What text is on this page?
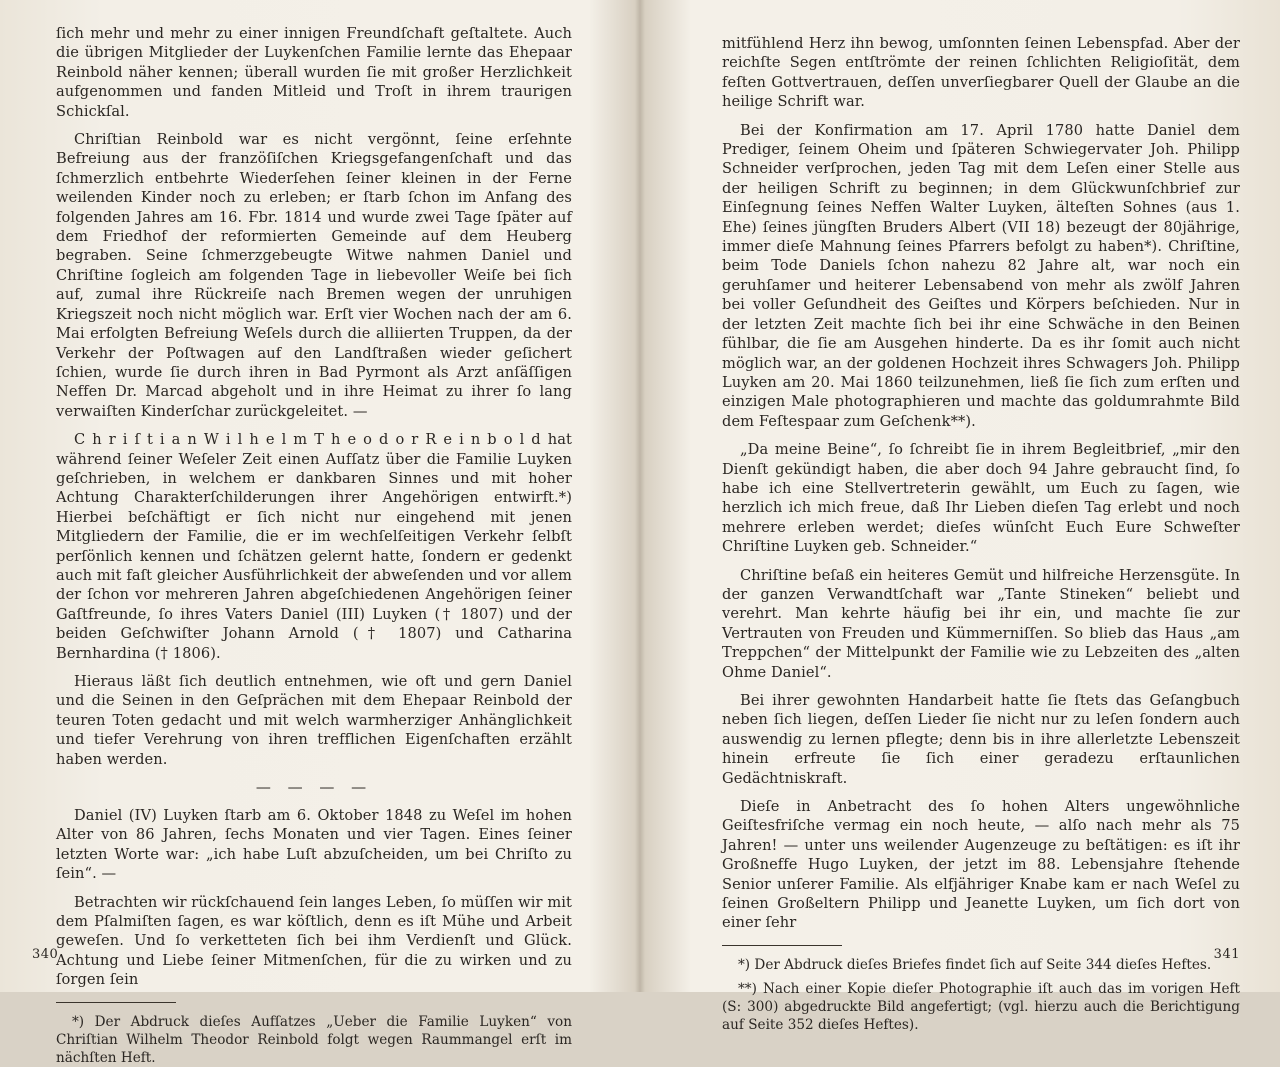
ſich mehr und mehr zu einer innigen Freundſchaft geſtaltete. Auch die übrigen Mitglieder der Luykenſchen Familie lernte das Ehepaar Reinbold näher kennen; überall wurden ſie mit großer Herzlichkeit aufgenommen und fanden Mitleid und Troſt in ihrem traurigen Schickſal.

Chriſtian Reinbold war es nicht vergönnt, ſeine erſehnte Befreiung aus der franzöſiſchen Kriegsgefangenſchaft und das ſchmerzlich entbehrte Wiederſehen ſeiner kleinen in der Ferne weilenden Kinder noch zu erleben; er ſtarb ſchon im Anfang des folgenden Jahres am 16. Fbr. 1814 und wurde zwei Tage ſpäter auf dem Friedhof der reformierten Gemeinde auf dem Heuberg begraben. Seine ſchmerzgebeugte Witwe nahmen Daniel und Chriſtine ſogleich am folgenden Tage in liebevoller Weiſe bei ſich auf, zumal ihre Rückreiſe nach Bremen wegen der unruhigen Kriegszeit noch nicht möglich war. Erſt vier Wochen nach der am 6. Mai erfolgten Befreiung Weſels durch die alliierten Truppen, da der Verkehr der Poſtwagen auf den Landſtraßen wieder geſichert ſchien, wurde ſie durch ihren in Bad Pyrmont als Arzt anſäſſigen Neffen Dr. Marcad abgeholt und in ihre Heimat zu ihrer ſo lang verwaiſten Kinderſchar zurückgeleitet. —

C h r i ſ t i a n W i l h e l m T h e o d o r R e i n b o l d hat während ſeiner Weſeler Zeit einen Aufſatz über die Familie Luyken geſchrieben, in welchem er dankbaren Sinnes und mit hoher Achtung Charakterſchilderungen ihrer Angehörigen entwirft.*) Hierbei beſchäftigt er ſich nicht nur eingehend mit jenen Mitgliedern der Familie, die er im wechſelſeitigen Verkehr ſelbſt perſönlich kennen und ſchätzen gelernt hatte, ſondern er gedenkt auch mit faſt gleicher Ausführlichkeit der abweſenden und vor allem der ſchon vor mehreren Jahren abgeſchiedenen Angehörigen ſeiner Gaſtfreunde, ſo ihres Vaters Daniel (III) Luyken († 1807) und der beiden Geſchwiſter Johann Arnold († 1807) und Catharina Bernhardina († 1806).

Hieraus läßt ſich deutlich entnehmen, wie oft und gern Daniel und die Seinen in den Geſprächen mit dem Ehepaar Reinbold der teuren Toten gedacht und mit welch warmherziger Anhänglichkeit und tiefer Verehrung von ihren trefflichen Eigenſchaften erzählt haben werden.

— — — —

Daniel (IV) Luyken ſtarb am 6. Oktober 1848 zu Weſel im hohen Alter von 86 Jahren, ſechs Monaten und vier Tagen. Eines ſeiner letzten Worte war: „ich habe Luſt abzuſcheiden, um bei Chriſto zu ſein“. —

Betrachten wir rückſchauend ſein langes Leben, ſo müſſen wir mit dem Pſalmiſten ſagen, es war köſtlich, denn es iſt Mühe und Arbeit geweſen. Und ſo verketteten ſich bei ihm Verdienſt und Glück. Achtung und Liebe ſeiner Mitmenſchen, für die zu wirken und zu ſorgen ſein

*) Der Abdruck dieſes Aufſatzes „Ueber die Familie Luyken“ von Chriſtian Wilhelm Theodor Reinbold folgt wegen Raummangel erſt im nächſten Heft.

340

mitfühlend Herz ihn bewog, umſonnten ſeinen Lebenspfad. Aber der reichſte Segen entſtrömte der reinen ſchlichten Religioſität, dem feſten Gottvertrauen, deſſen unverſiegbarer Quell der Glaube an die heilige Schrift war.

Bei der Konfirmation am 17. April 1780 hatte Daniel dem Prediger, ſeinem Oheim und ſpäteren Schwiegervater Joh. Philipp Schneider verſprochen, jeden Tag mit dem Leſen einer Stelle aus der heiligen Schrift zu beginnen; in dem Glückwunſchbrief zur Einſegnung ſeines Neffen Walter Luyken, älteſten Sohnes (aus 1. Ehe) ſeines jüngſten Bruders Albert (VII 18) bezeugt der 80jährige, immer dieſe Mahnung ſeines Pfarrers befolgt zu haben*). Chriſtine, beim Tode Daniels ſchon nahezu 82 Jahre alt, war noch ein geruhſamer und heiterer Lebensabend von mehr als zwölf Jahren bei voller Geſundheit des Geiſtes und Körpers beſchieden. Nur in der letzten Zeit machte ſich bei ihr eine Schwäche in den Beinen fühlbar, die ſie am Ausgehen hinderte. Da es ihr ſomit auch nicht möglich war, an der goldenen Hochzeit ihres Schwagers Joh. Philipp Luyken am 20. Mai 1860 teilzunehmen, ließ ſie ſich zum erſten und einzigen Male photographieren und machte das goldumrahmte Bild dem Feſtespaar zum Geſchenk**).

„Da meine Beine“, ſo ſchreibt ſie in ihrem Begleitbrief, „mir den Dienſt gekündigt haben, die aber doch 94 Jahre gebraucht ſind, ſo habe ich eine Stellvertreterin gewählt, um Euch zu ſagen, wie herzlich ich mich freue, daß Ihr Lieben dieſen Tag erlebt und noch mehrere erleben werdet; dieſes wünſcht Euch Eure Schweſter Chriſtine Luyken geb. Schneider.“

Chriſtine beſaß ein heiteres Gemüt und hilfreiche Herzensgüte. In der ganzen Verwandtſchaft war „Tante Stineken“ beliebt und verehrt. Man kehrte häufig bei ihr ein, und machte ſie zur Vertrauten von Freuden und Kümmerniſſen. So blieb das Haus „am Treppchen“ der Mittelpunkt der Familie wie zu Lebzeiten des „alten Ohme Daniel“.

Bei ihrer gewohnten Handarbeit hatte ſie ſtets das Geſangbuch neben ſich liegen, deſſen Lieder ſie nicht nur zu leſen ſondern auch auswendig zu lernen pflegte; denn bis in ihre allerletzte Lebenszeit hinein erfreute ſie ſich einer geradezu erſtaunlichen Gedächtniskraft.

Dieſe in Anbetracht des ſo hohen Alters ungewöhnliche Geiſtesfriſche vermag ein noch heute, — alſo nach mehr als 75 Jahren! — unter uns weilender Augenzeuge zu beſtätigen: es iſt ihr Großneffe Hugo Luyken, der jetzt im 88. Lebensjahre ſtehende Senior unſerer Familie. Als elfjähriger Knabe kam er nach Weſel zu ſeinen Großeltern Philipp und Jeanette Luyken, um ſich dort von einer ſehr

*) Der Abdruck dieſes Briefes findet ſich auf Seite 344 dieſes Heftes.

**) Nach einer Kopie dieſer Photographie iſt auch das im vorigen Heft (S: 300) abgedruckte Bild angefertigt; (vgl. hierzu auch die Berichtigung auf Seite 352 dieſes Heftes).

341
